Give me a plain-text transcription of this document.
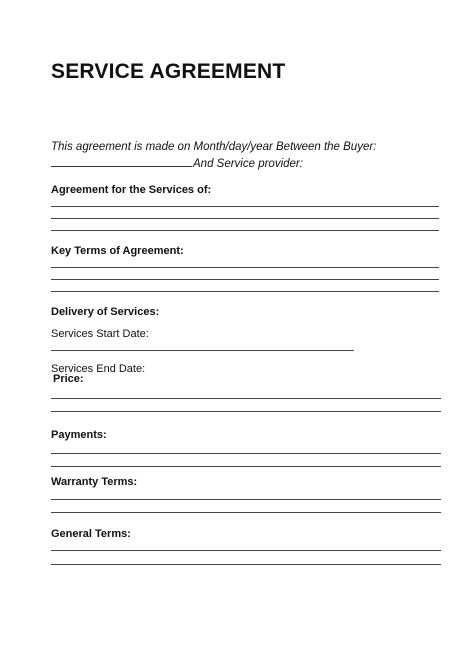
SERVICE AGREEMENT
This agreement is made on Month/day/year Between the Buyer:
And Service provider:
Agreement for the Services of:
Key Terms of Agreement:
Delivery of Services:
Services Start Date:
Services End Date:
Price:
Payments:
Warranty Terms:
General Terms:
